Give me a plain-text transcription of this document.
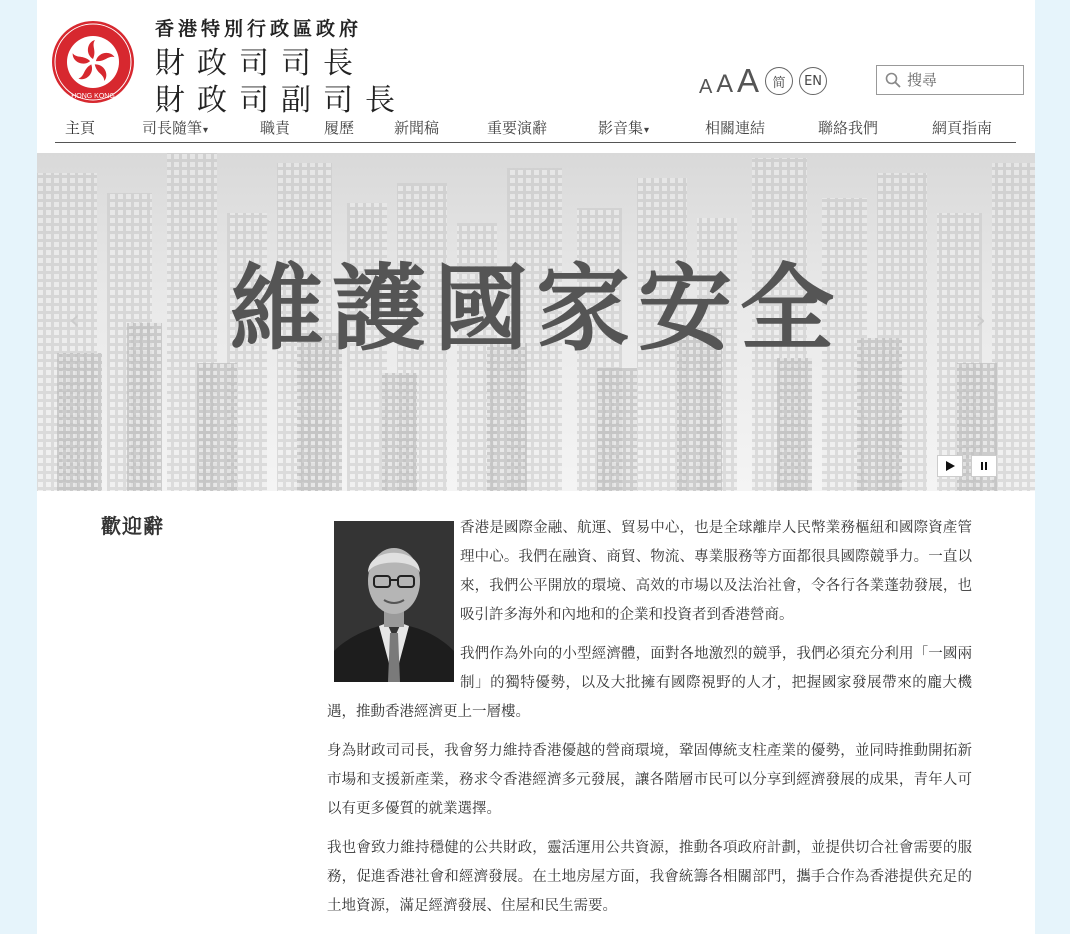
HONG KONG
香港特別行政區政府
財政司司長
財政司副司長	A A A	简	EN
搜尋
主頁	司長隨筆▾	職責 履歷	新聞稿	重要演辭	影音集▾	相關連結	聯絡我們	網頁指南
維護國家安全
‹	›
歡迎辭	香港是國際金融、航運、貿易中心，也是全球離岸人民幣業務樞紐和國際資產管理中心。我們在融資、商貿、物流、專業服務等方面都很具國際競爭力。一直以來，我們公平開放的環境、高效的市場以及法治社會，令各行各業蓬勃發展，也吸引許多海外和內地和的企業和投資者到香港營商。

我們作為外向的小型經濟體，面對各地激烈的競爭，我們必須充分利用「一國兩制」的獨特優勢，以及大批擁有國際視野的人才，把握國家發展帶來的龐大機遇，推動香港經濟更上一層樓。

身為財政司司長，我會努力維持香港優越的營商環境，鞏固傳統支柱產業的優勢，並同時推動開拓新市場和支援新產業，務求令香港經濟多元發展，讓各階層市民可以分享到經濟發展的成果，青年人可以有更多優質的就業選擇。

我也會致力維持穩健的公共財政，靈活運用公共資源，推動各項政府計劃，並提供切合社會需要的服務，促進香港社會和經濟發展。在土地房屋方面，我會統籌各相關部門，攜手合作為香港提供充足的土地資源，滿足經濟發展、住屋和民生需要。
